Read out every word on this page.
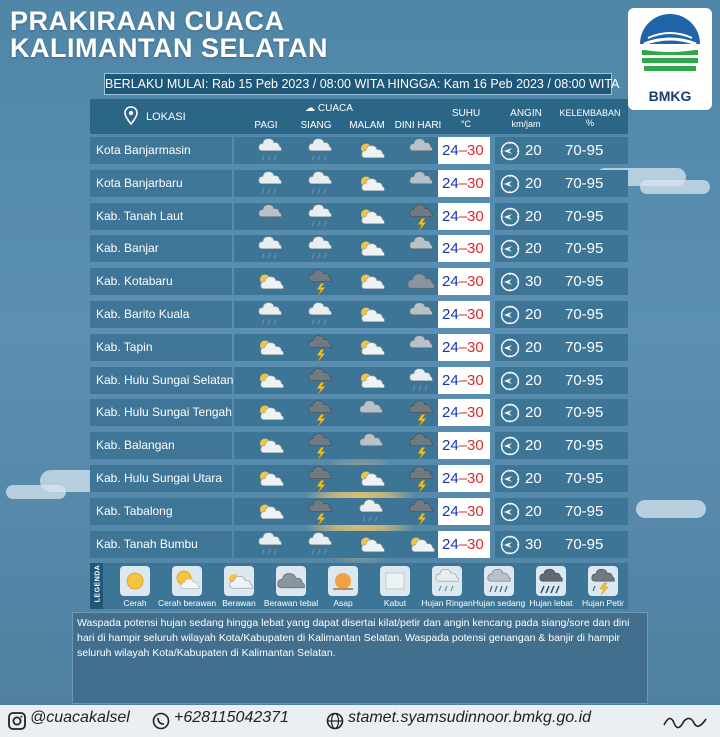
PRAKIRAAN CUACA
KALIMANTAN SELATAN
BMKG
BERLAKU MULAI: Rab 15 Peb 2023 / 08:00 WITA HINGGA: Kam 16 Peb 2023 / 08:00 WITA
LOKASI
☁ CUACA
PAGI	SIANG	MALAM DINI HARI
SUHU
°C
ANGIN
km/jam
KELEMBABAN
%
Kota Banjarmasin	24–30	20 70-95
Kota Banjarbaru	24–30	20 70-95
Kab. Tanah Laut	24–30	20 70-95
Kab. Banjar	24–30	20 70-95
Kab. Kotabaru	24–30	30 70-95
Kab. Barito Kuala	24–30	20 70-95
Kab. Tapin	24–30	20 70-95
Kab. Hulu Sungai Selatan	24–30	20 70-95
Kab. Hulu Sungai Tengah	24–30	20 70-95
Kab. Balangan	24–30	20 70-95
Kab. Hulu Sungai Utara	24–30	20 70-95
Kab. Tabalong	24–30	20 70-95
Kab. Tanah Bumbu	24–30	30 70-95
LEGENDA
Cerah	Cerah berawan Berawan Berawan tebal	Asap	Kabut	Hujan Ringan Hujan sedang Hujan lebat	Hujan Petir
Waspada potensi hujan sedang hingga lebat yang dapat disertai kilat/petir dan angin kencang pada siang/sore dan dini hari di hampir seluruh wilayah Kota/Kabupaten di Kalimantan Selatan. Waspada potensi genangan & banjir di hampir seluruh wilayah Kota/Kabupaten di Kalimantan Selatan.
@cuacakalsel	+628115042371	stamet.syamsudinnoor.bmkg.go.id
